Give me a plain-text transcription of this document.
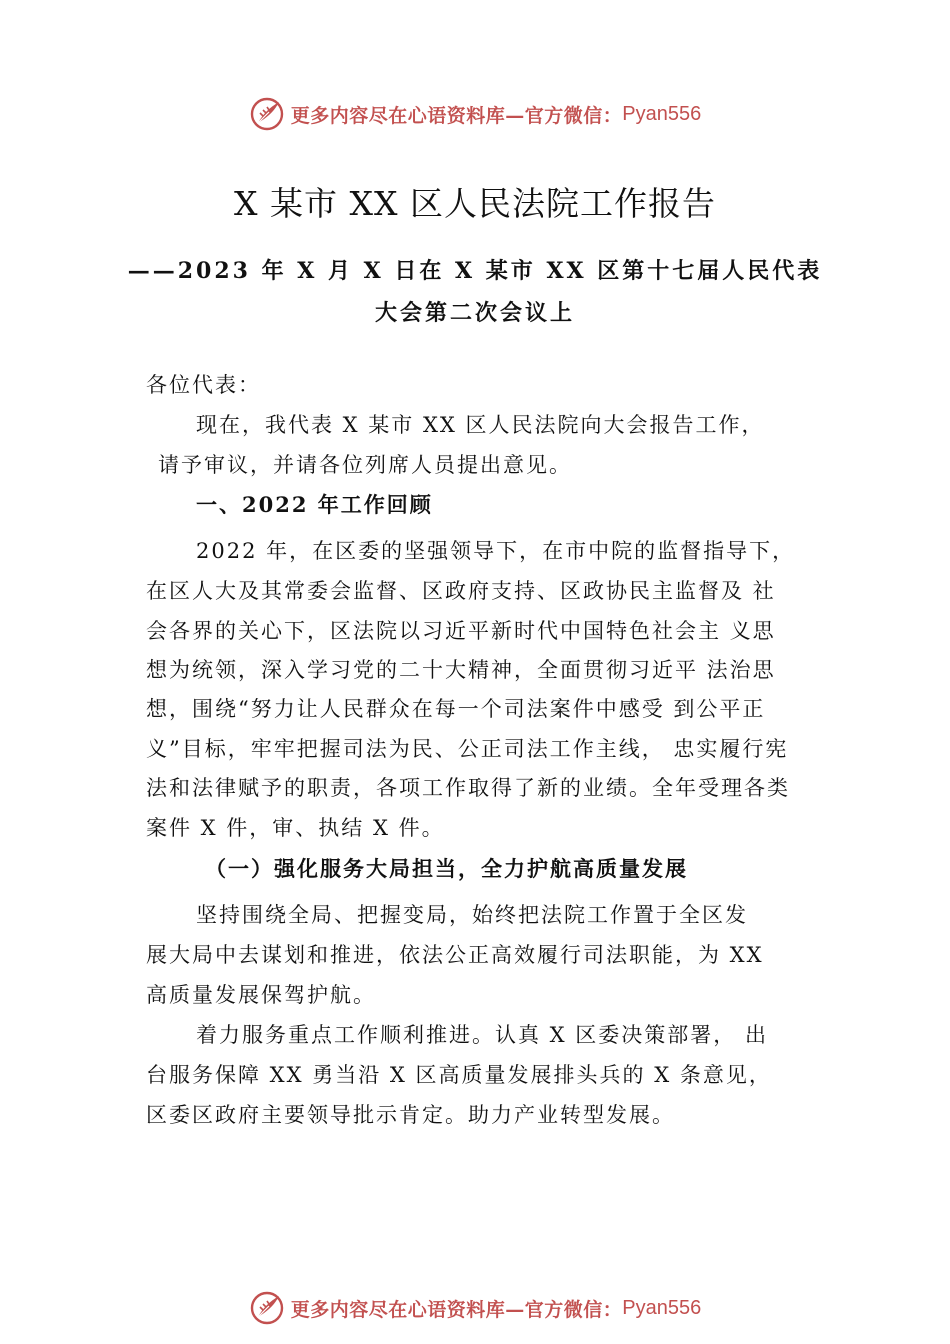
更多内容尽在心语资料库—官方微信： Pyan556
X 某市 XX 区人民法院工作报告
——2023 年 X 月 X 日在 X 某市 XX 区第十七届人民代表
大会第二次会议上
各位代表：
现在，我代表 X 某市 XX 区人民法院向大会报告工作，
请予审议，并请各位列席人员提出意见。
一、2022 年工作回顾
2022 年，在区委的坚强领导下，在市中院的监督指导下，
在区人大及其常委会监督、区政府支持、区政协民主监督及 社
会各界的关心下，区法院以习近平新时代中国特色社会主 义思
想为统领，深入学习党的二十大精神，全面贯彻习近平 法治思
想，围绕“努力让人民群众在每一个司法案件中感受 到公平正
义”目标，牢牢把握司法为民、公正司法工作主线， 忠实履行宪
法和法律赋予的职责，各项工作取得了新的业绩。全年受理各类
案件 X 件，审、执结 X 件。
（一）强化服务大局担当，全力护航高质量发展
坚持围绕全局、把握变局，始终把法院工作置于全区发
展大局中去谋划和推进，依法公正高效履行司法职能，为 XX
高质量发展保驾护航。
着力服务重点工作顺利推进。认真 X 区委决策部署， 出
台服务保障 XX 勇当沿 X 区高质量发展排头兵的 X 条意见，
区委区政府主要领导批示肯定。助力产业转型发展。
更多内容尽在心语资料库—官方微信： Pyan556
